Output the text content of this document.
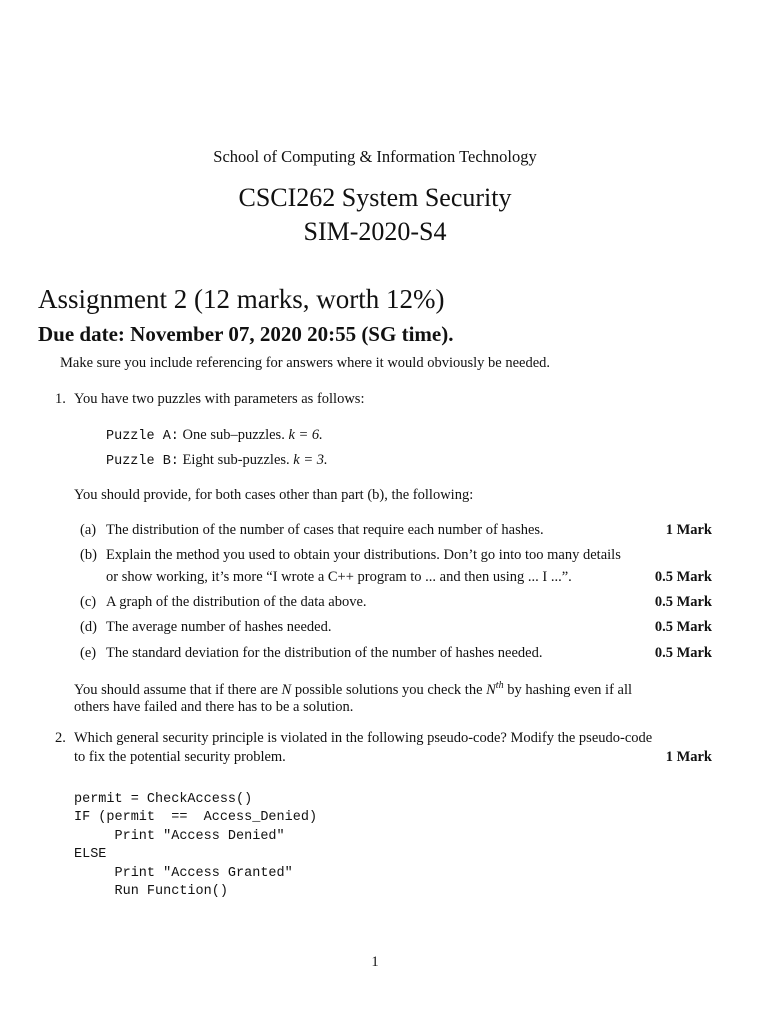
School of Computing & Information Technology
CSCI262 System Security
SIM-2020-S4
Assignment 2 (12 marks, worth 12%)
Due date: November 07, 2020 20:55 (SG time).
Make sure you include referencing for answers where it would obviously be needed.
1. You have two puzzles with parameters as follows:
Puzzle A: One sub–puzzles. k = 6.
Puzzle B: Eight sub-puzzles. k = 3.
You should provide, for both cases other than part (b), the following:
(a) The distribution of the number of cases that require each number of hashes.	1 Mark
(b) Explain the method you used to obtain your distributions. Don’t go into too many details
or show working, it’s more “I wrote a C++ program to ... and then using ... I ...”.	0.5 Mark
(c) A graph of the distribution of the data above.	0.5 Mark
(d) The average number of hashes needed.	0.5 Mark
(e) The standard deviation for the distribution of the number of hashes needed.	0.5 Mark
You should assume that if there are N possible solutions you check the $N^{th}$ by hashing even if all
others have failed and there has to be a solution.
2. Which general security principle is violated in the following pseudo-code? Modify the pseudo-code
to fix the potential security problem.	1 Mark
permit = CheckAccess()
IF (permit  ==  Access_Denied)
Print "Access Denied"
ELSE
Print "Access Granted"
Run Function()
1
